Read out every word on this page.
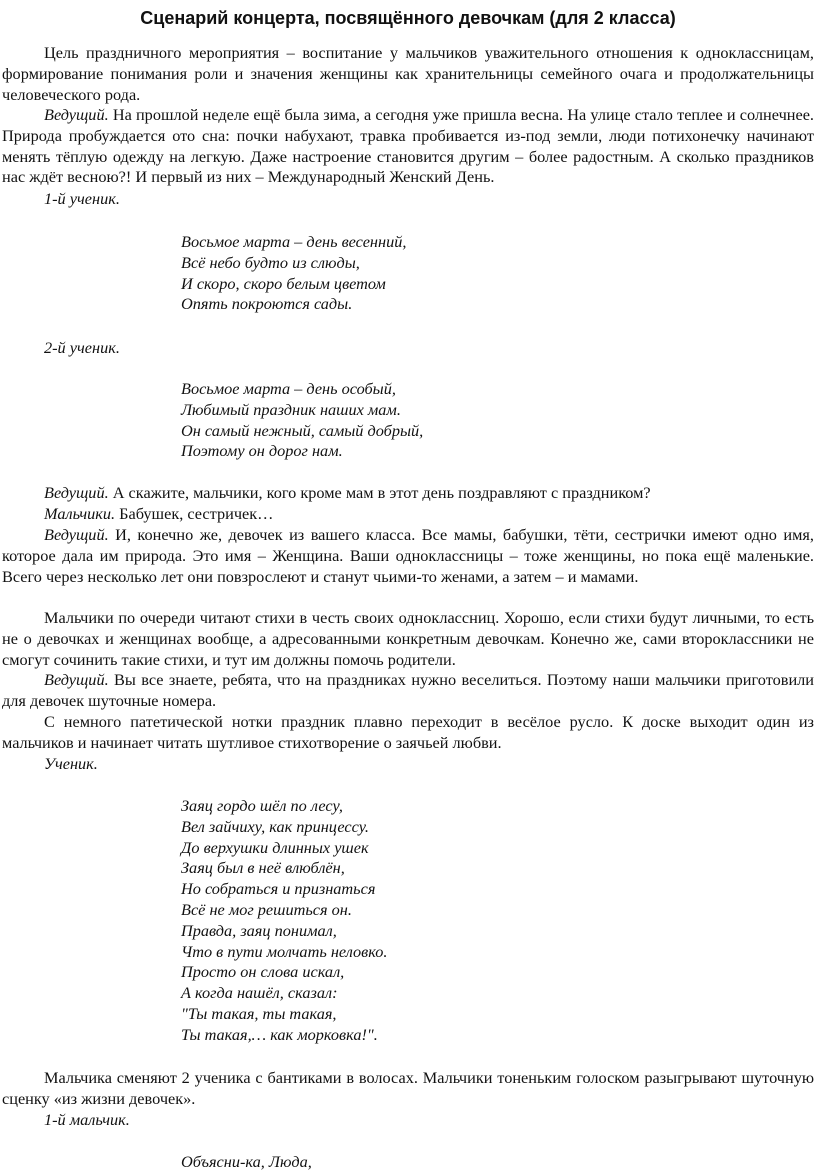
Сценарий концерта, посвящённого девочкам (для 2 класса)

Цель праздничного мероприятия – воспитание у мальчиков уважительного отношения к одноклассницам, формирование понимания роли и значения женщины как хранительницы семейного очага и продолжательницы человеческого рода.

Ведущий. На прошлой неделе ещё была зима, а сегодня уже пришла весна. На улице стало теплее и солнечнее. Природа пробуждается ото сна: почки набухают, травка пробивается из-под земли, люди потихонечку начинают менять тёплую одежду на легкую. Даже настроение становится другим – более радостным. А сколько праздников нас ждёт весною?! И первый из них – Международный Женский День.

1-й ученик.
Восьмое марта – день весенний,
Всё небо будто из слюды,
И скоро, скоро белым цветом
Опять покроются сады.
2-й ученик.
Восьмое марта – день особый,
Любимый праздник наших мам.
Он самый нежный, самый добрый,
Поэтому он дорог нам.

Ведущий. А скажите, мальчики, кого кроме мам в этот день поздравляют с праздником?

Мальчики. Бабушек, сестричек…

Ведущий. И, конечно же, девочек из вашего класса. Все мамы, бабушки, тёти, сестрички имеют одно имя, которое дала им природа. Это имя – Женщина. Ваши одноклассницы – тоже женщины, но пока ещё маленькие. Всего через несколько лет они повзрослеют и станут чьими-то женами, а затем – и мамами.

Мальчики по очереди читают стихи в честь своих одноклассниц. Хорошо, если стихи будут личными, то есть не о девочках и женщинах вообще, а адресованными конкретным девочкам. Конечно же, сами второклассники не смогут сочинить такие стихи, и тут им должны помочь родители.

Ведущий. Вы все знаете, ребята, что на праздниках нужно веселиться. Поэтому наши мальчики приготовили для девочек шуточные номера.

С немного патетической нотки праздник плавно переходит в весёлое русло. К доске выходит один из мальчиков и начинает читать шутливое стихотворение о заячьей любви.

Ученик.
Заяц гордо шёл по лесу,
Вел зайчиху, как принцессу.
До верхушки длинных ушек
Заяц был в неё влюблён,
Но собраться и признаться
Всё не мог решиться он.
Правда, заяц понимал,
Что в пути молчать неловко.
Просто он слова искал,
А когда нашёл, сказал:
"Ты такая, ты такая,
Ты такая,… как морковка!".

Мальчика сменяют 2 ученика с бантиками в волосах. Мальчики тоненьким голоском разыгрывают шуточную сценку «из жизни девочек».

1-й мальчик.
Объясни-ка, Люда,
